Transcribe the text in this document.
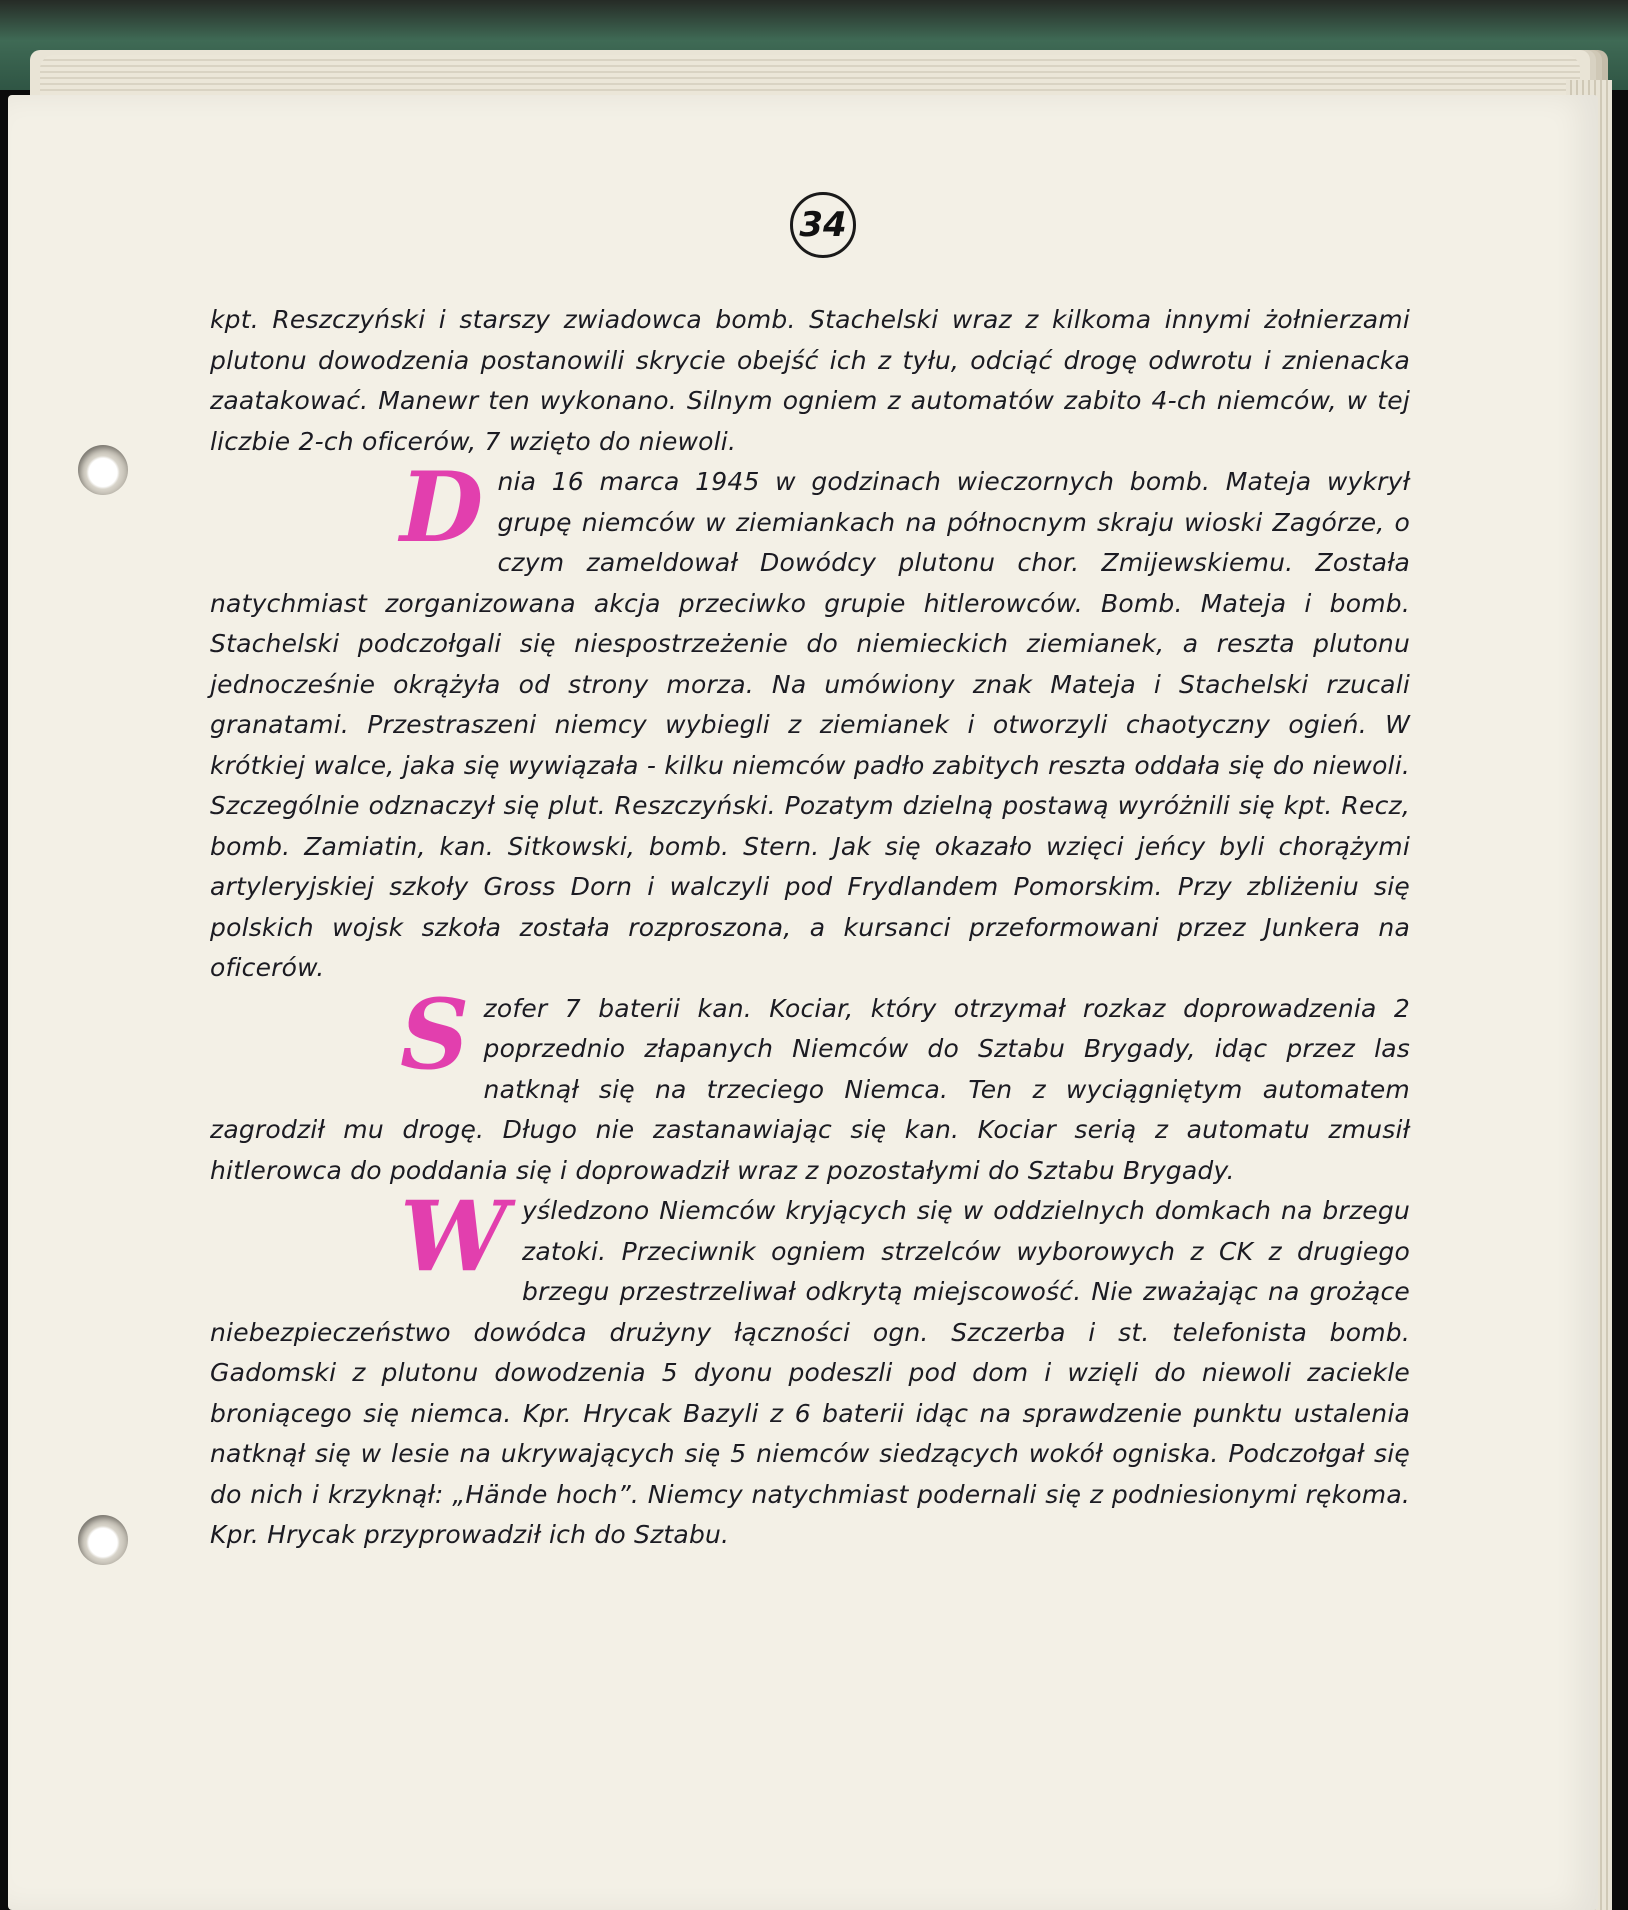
34

kpt. Reszczyński i starszy zwiadowca bomb. Stachelski wraz z kilkoma innymi żołnierzami plutonu dowodzenia postanowili skrycie obejść ich z tyłu, odciąć drogę odwrotu i znienacka zaatakować. Manewr ten wykonano. Silnym ogniem z automatów zabito 4-ch niemców, w tej liczbie 2-ch oficerów, 7 wzięto do niewoli.

D nia 16 marca 1945 w godzinach wieczornych bomb. Mateja wykrył grupę niemców w ziemiankach na północnym skraju wioski Zagórze, o czym zameldował Dowódcy plutonu chor. Zmijewskiemu. Została natychmiast zorganizowana akcja przeciwko grupie hitlerowców. Bomb. Mateja i bomb. Stachelski podczołgali się niespostrzeżenie do niemieckich ziemianek, a reszta plutonu jednocześnie okrążyła od strony morza. Na umówiony znak Mateja i Stachelski rzucali granatami. Przestraszeni niemcy wybiegli z ziemianek i otworzyli chaotyczny ogień. W krótkiej walce, jaka się wywiązała - kilku niemców padło zabitych reszta oddała się do niewoli. Szczególnie odznaczył się plut. Reszczyński. Pozatym dzielną postawą wyróżnili się kpt. Recz, bomb. Zamiatin, kan. Sitkowski, bomb. Stern. Jak się okazało wzięci jeńcy byli chorążymi artyleryjskiej szkoły Gross Dorn i walczyli pod Frydlandem Pomorskim. Przy zbliżeniu się polskich wojsk szkoła została rozproszona, a kursanci przeformowani przez Junkera na oficerów.

S zofer 7 baterii kan. Kociar, który otrzymał rozkaz doprowadzenia 2 poprzednio złapanych Niemców do Sztabu Brygady, idąc przez las natknął się na trzeciego Niemca. Ten z wyciągniętym automatem zagrodził mu drogę. Długo nie zastanawiając się kan. Kociar serią z automatu zmusił hitlerowca do poddania się i doprowadził wraz z pozostałymi do Sztabu Brygady.

W yśledzono Niemców kryjących się w oddzielnych domkach na brzegu zatoki. Przeciwnik ogniem strzelców wyborowych z CK z drugiego brzegu przestrzeliwał odkrytą miejscowość. Nie zważając na grożące niebezpieczeństwo dowódca drużyny łączności ogn. Szczerba i st. telefonista bomb. Gadomski z plutonu dowodzenia 5 dyonu podeszli pod dom i wzięli do niewoli zaciekle broniącego się niemca. Kpr. Hrycak Bazyli z 6 baterii idąc na sprawdzenie punktu ustalenia natknął się w lesie na ukrywających się 5 niemców siedzących wokół ogniska. Podczołgał się do nich i krzyknął: „Hände hoch”. Niemcy natychmiast podernali się z podniesionymi rękoma. Kpr. Hrycak przyprowadził ich do Sztabu.
